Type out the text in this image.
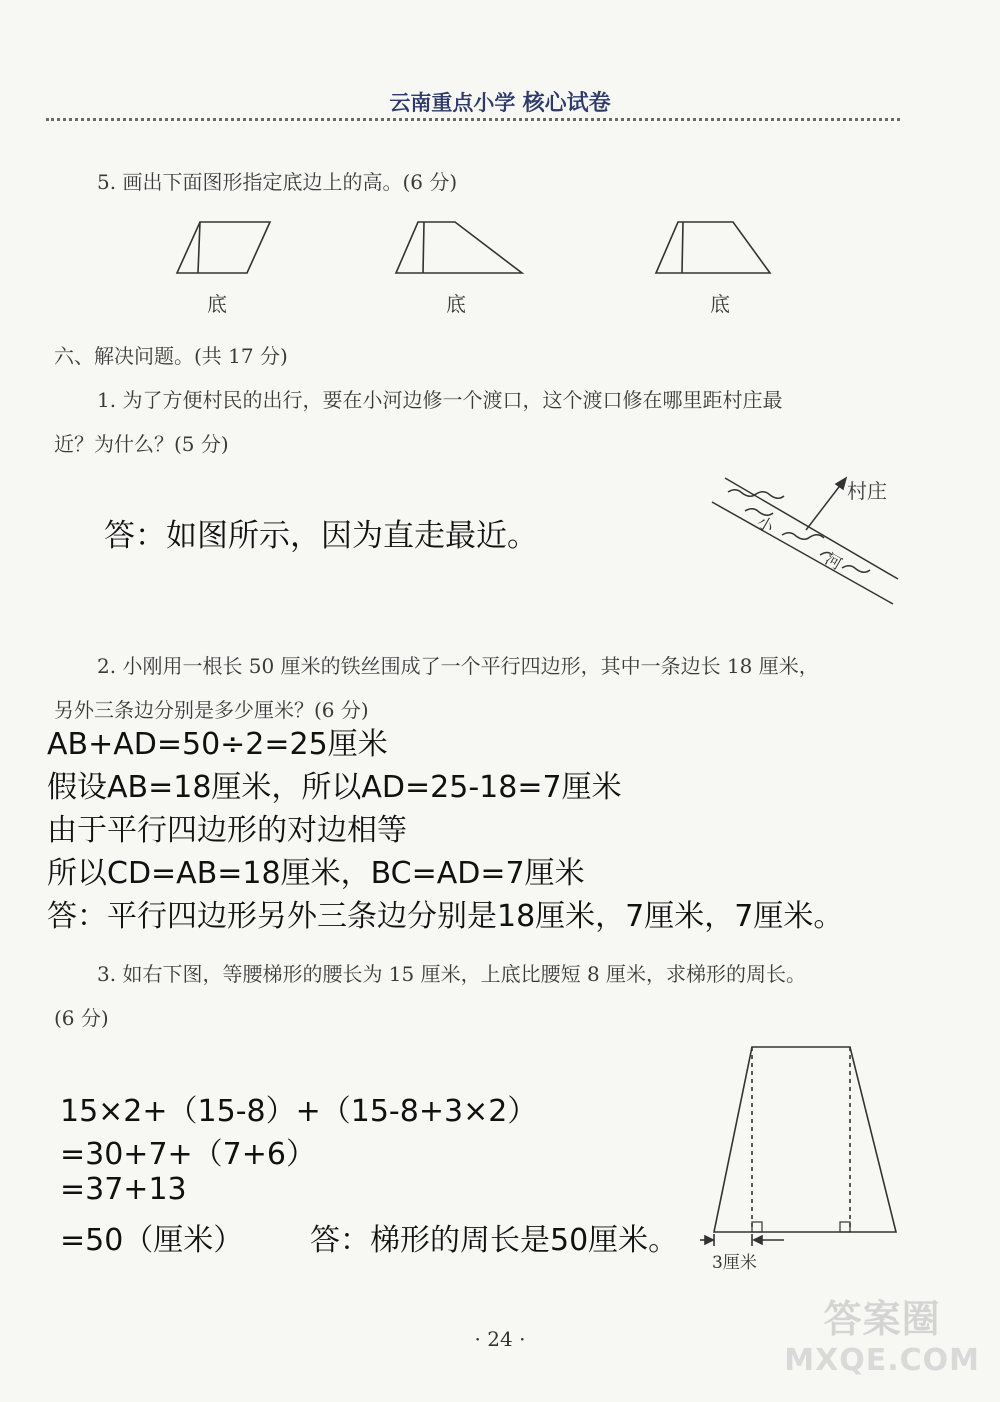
云南重点小学 核心试卷
5. 画出下面图形指定底边上的高。(6 分)
底	底	底
六、解决问题。(共 17 分)
1. 为了方便村民的出行，要在小河边修一个渡口，这个渡口修在哪里距村庄最
近？为什么？(5 分)
答：如图所示，因为直走最近。
村庄
小
河
2. 小刚用一根长 50 厘米的铁丝围成了一个平行四边形，其中一条边长 18 厘米，
另外三条边分别是多少厘米？(6 分)
AB+AD=50÷2=25厘米
假设AB=18厘米，所以AD=25-18=7厘米
由于平行四边形的对边相等
所以CD=AB=18厘米，BC=AD=7厘米
答：平行四边形另外三条边分别是18厘米，7厘米，7厘米。
3. 如右下图，等腰梯形的腰长为 15 厘米，上底比腰短 8 厘米，求梯形的周长。
(6 分)
15×2+（15-8）+（15-8+3×2）
=30+7+（7+6）
=37+13
=50（厘米） 答：梯形的周长是50厘米。
3厘米
· 24 ·	答案圈
MXQE.COM
